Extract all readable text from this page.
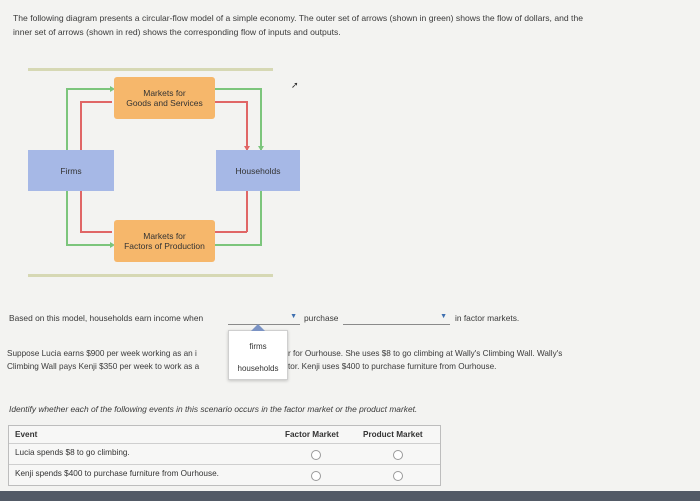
The following diagram presents a circular-flow model of a simple economy. The outer set of arrows (shown in green) shows the flow of dollars, and the
inner set of arrows (shown in red) shows the corresponding flow of inputs and outputs.
➚
Markets for
Goods and Services
Firms	Households
Markets for
Factors of Production
Based on this model, households earn income when	▼ purchase	▼ in factor markets.
Suppose Lucia earns $900 per week working as an i	r for Ourhouse. She uses $8 to go climbing at Wally's Climbing Wall. Wally's
Climbing Wall pays Kenji $350 per week to work as a	tor. Kenji uses $400 to purchase furniture from Ourhouse.
firms
households
Identify whether each of the following events in this scenario occurs in the factor market or the product market.
Event	Factor Market	Product Market
Lucia spends $8 to go climbing.
Kenji spends $400 to purchase furniture from Ourhouse.
